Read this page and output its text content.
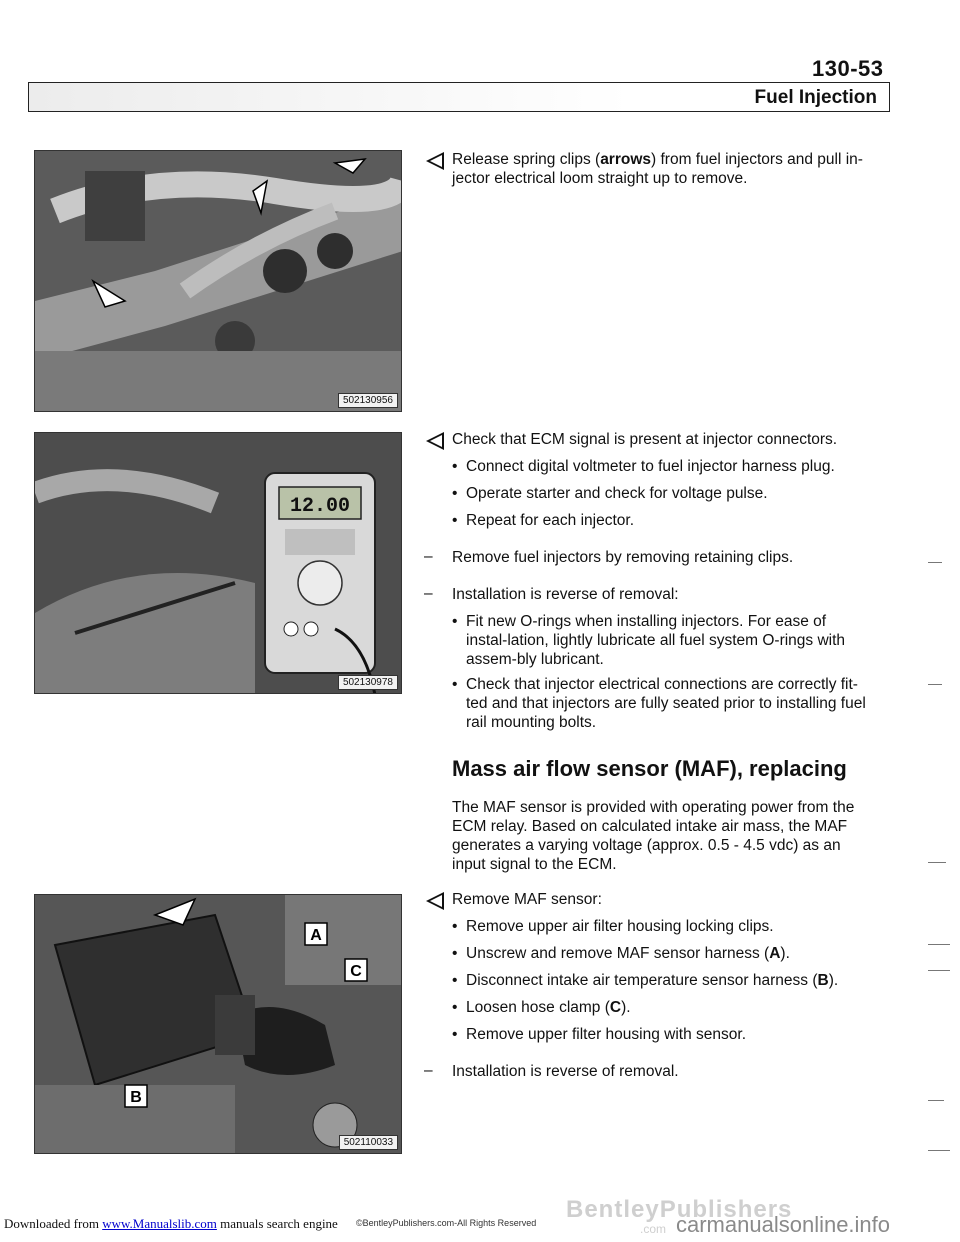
130-53
Fuel Injection
502130956
Release spring clips (arrows) from fuel injectors and pull in-jector electrical loom straight up to remove.
12.00
502130978
Check that ECM signal is present at injector connectors.
• Connect digital voltmeter to fuel injector harness plug.
• Operate starter and check for voltage pulse.
• Repeat for each injector.
– Remove fuel injectors by removing retaining clips.
– Installation is reverse of removal:
• Fit new O-rings when installing injectors. For ease of instal-lation, lightly lubricate all fuel system O-rings with assem-bly lubricant.
• Check that injector electrical connections are correctly fit-ted and that injectors are fully seated prior to installing fuel rail mounting bolts.
Mass air flow sensor (MAF), replacing
The MAF sensor is provided with operating power from the ECM relay. Based on calculated intake air mass, the MAF generates a varying voltage (approx. 0.5 - 4.5 vdc) as an input signal to the ECM.
A
B
C
502110033
Remove MAF sensor:
• Remove upper air filter housing locking clips.
• Unscrew and remove MAF sensor harness (A).
• Disconnect intake air temperature sensor harness (B).
• Loosen hose clamp (C).
• Remove upper filter housing with sensor.
– Installation is reverse of removal.
BentleyPublishers
.com
Downloaded from www.Manualslib.com manuals search engine ©BentleyPublishers.com-All Rights Reserved	carmanualsonline.info
